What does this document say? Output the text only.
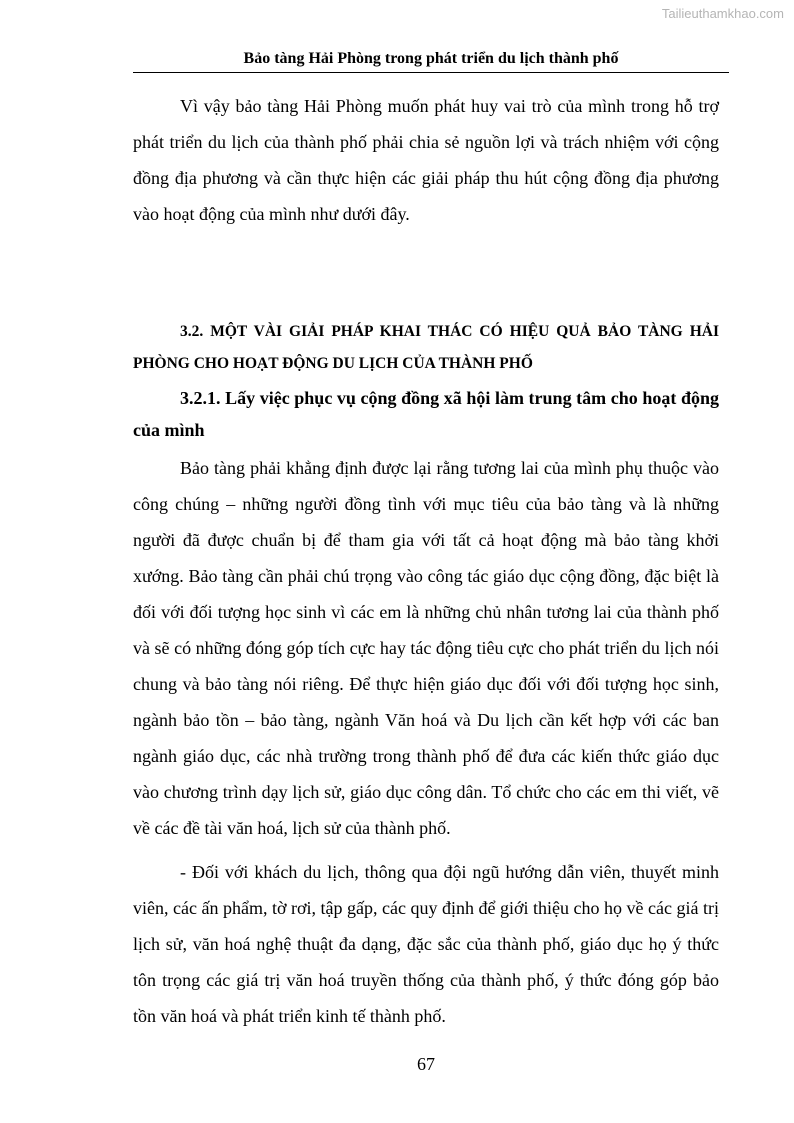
Tailieuthamkhao.com
Bảo tàng Hải Phòng trong phát triển du lịch thành phố

Vì vậy bảo tàng Hải Phòng muốn phát huy vai trò của mình trong hỗ trợ phát triển du lịch của thành phố phải chia sẻ nguồn lợi và trách nhiệm với cộng đồng địa phương và cần thực hiện các giải pháp thu hút cộng đồng địa phương vào hoạt động của mình như dưới đây.

3.2. MỘT VÀI GIẢI PHÁP KHAI THÁC CÓ HIỆU QUẢ BẢO TÀNG HẢI PHÒNG CHO HOẠT ĐỘNG DU LỊCH CỦA THÀNH PHỐ

3.2.1. Lấy việc phục vụ cộng đồng xã hội làm trung tâm cho hoạt động của mình

Bảo tàng phải khẳng định được lại rằng tương lai của mình phụ thuộc vào công chúng – những người đồng tình với mục tiêu của bảo tàng và là những người đã được chuẩn bị để tham gia với tất cả hoạt động mà bảo tàng khởi xướng. Bảo tàng cần phải chú trọng vào công tác giáo dục cộng đồng, đặc biệt là đối với đối tượng học sinh vì các em là những chủ nhân tương lai của thành phố và sẽ có những đóng góp tích cực hay tác động tiêu cực cho phát triển du lịch nói chung và bảo tàng nói riêng. Để thực hiện giáo dục đối với đối tượng học sinh, ngành bảo tồn – bảo tàng, ngành Văn hoá và Du lịch cần kết hợp với các ban ngành giáo dục, các nhà trường trong thành phố để đưa các kiến thức giáo dục vào chương trình dạy lịch sử, giáo dục công dân. Tổ chức cho các em thi viết, vẽ về các đề tài văn hoá, lịch sử của thành phố.

- Đối với khách du lịch, thông qua đội ngũ hướng dẫn viên, thuyết minh viên, các ấn phẩm, tờ rơi, tập gấp, các quy định để giới thiệu cho họ về các giá trị lịch sử, văn hoá nghệ thuật đa dạng, đặc sắc của thành phố, giáo dục họ ý thức tôn trọng các giá trị văn hoá truyền thống của thành phố, ý thức đóng góp bảo tồn văn hoá và phát triển kinh tế thành phố.

67
